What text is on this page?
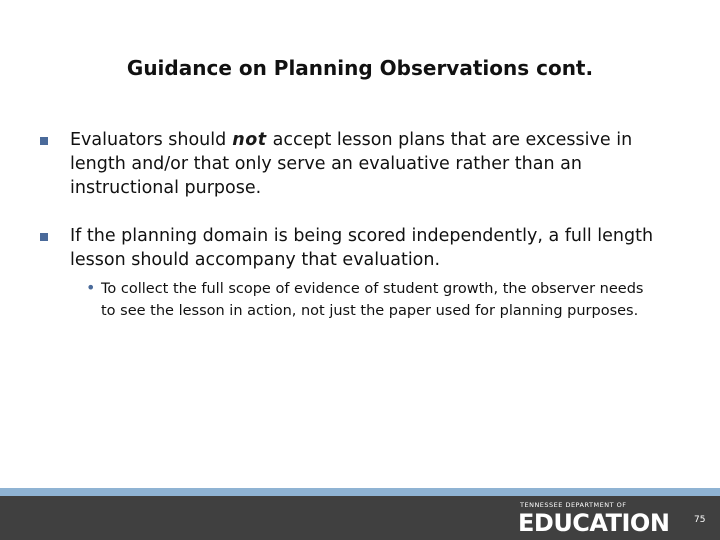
Guidance on Planning Observations cont.
Evaluators should not accept lesson plans that are excessive in length and/or that only serve an evaluative rather than an instructional purpose.
If the planning domain is being scored independently, a full length lesson should accompany that evaluation.
• To collect the full scope of evidence of student growth, the observer needs to see the lesson in action, not just the paper used for planning purposes.
TENNESSEE DEPARTMENT OF
EDUCATION	75
